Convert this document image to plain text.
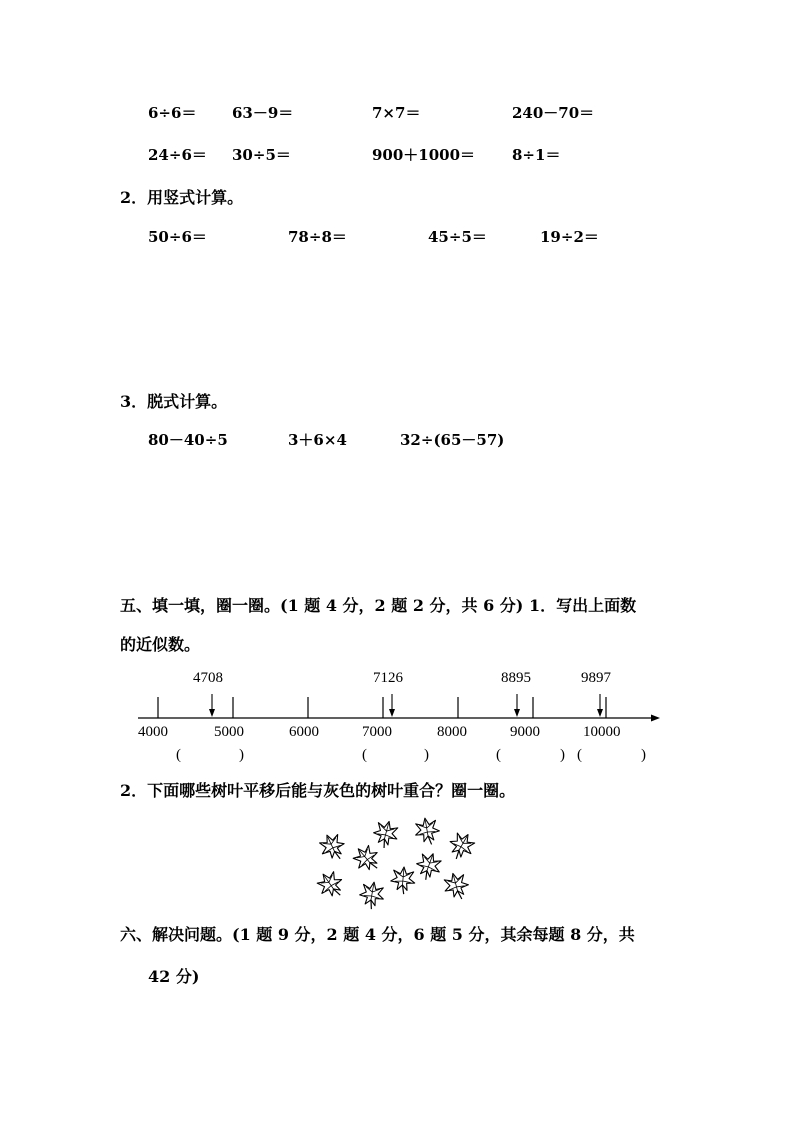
6÷6＝ 63－9＝	7×7＝	240－70＝
24÷6＝ 30÷5＝	900＋1000＝ 8÷1＝
2．用竖式计算。
50÷6＝	78÷8＝	45÷5＝	19÷2＝
3．脱式计算。
80－40÷5	3＋6×4	32÷(65－57)
五、填一填，圈一圈。(1 题 4 分，2 题 2 分，共 6 分) 1．写出上面数
的近似数。
4708	7126	8895	9897
4000	5000	6000	7000	8000	9000	10000
(	)	(	)	(	) (	)
2．下面哪些树叶平移后能与灰色的树叶重合？圈一圈。
六、解决问题。(1 题 9 分，2 题 4 分，6 题 5 分，其余每题 8 分，共
42 分)
